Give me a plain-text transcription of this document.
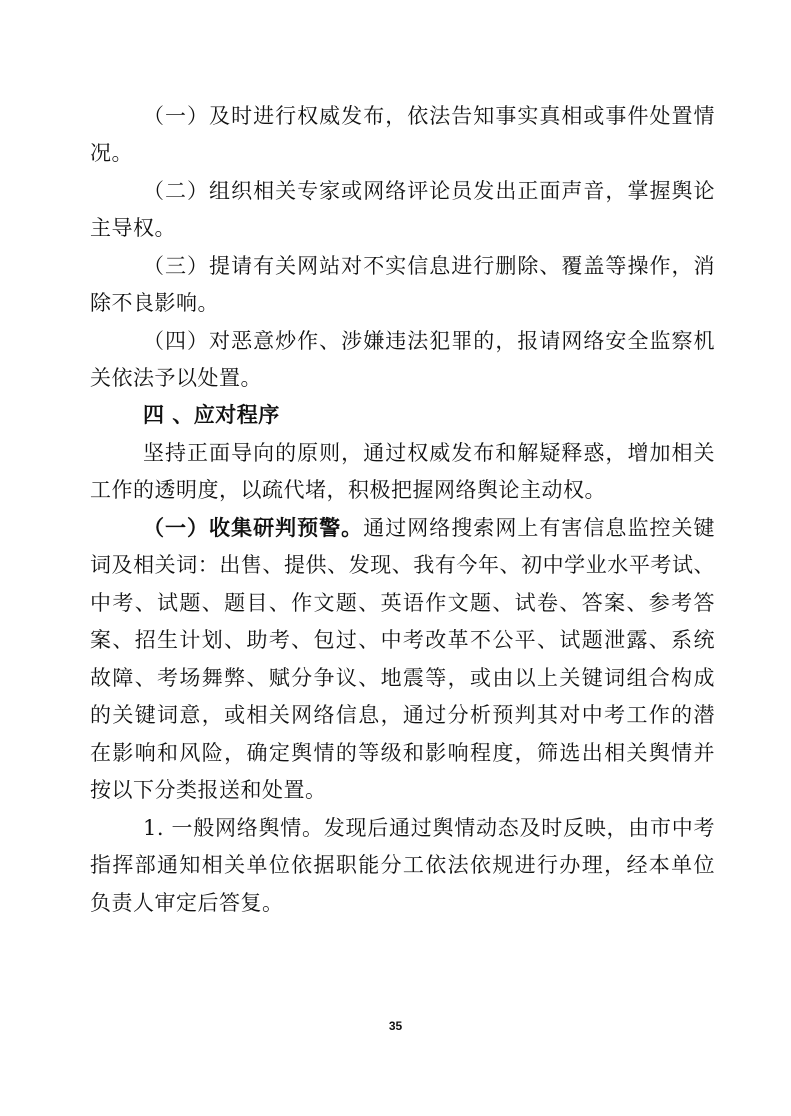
（一）及时进行权威发布，依法告知事实真相或事件处置情
况。
（二）组织相关专家或网络评论员发出正面声音，掌握舆论
主导权。
（三）提请有关网站对不实信息进行删除、覆盖等操作，消
除不良影响。
（四）对恶意炒作、涉嫌违法犯罪的，报请网络安全监察机
关依法予以处置。
四 、应对程序
坚持正面导向的原则，通过权威发布和解疑释惑，增加相关
工作的透明度，以疏代堵，积极把握网络舆论主动权。
（一）收集研判预警。通过网络搜索网上有害信息监控关键
词及相关词：出售、提供、发现、我有今年、初中学业水平考试、
中考、试题、题目、作文题、英语作文题、试卷、答案、参考答
案、招生计划、助考、包过、中考改革不公平、试题泄露、系统
故障、考场舞弊、赋分争议、地震等，或由以上关键词组合构成
的关键词意，或相关网络信息，通过分析预判其对中考工作的潜
在影响和风险，确定舆情的等级和影响程度，筛选出相关舆情并
按以下分类报送和处置。
1. 一般网络舆情。发现后通过舆情动态及时反映，由市中考
指挥部通知相关单位依据职能分工依法依规进行办理，经本单位
负责人审定后答复。
35
